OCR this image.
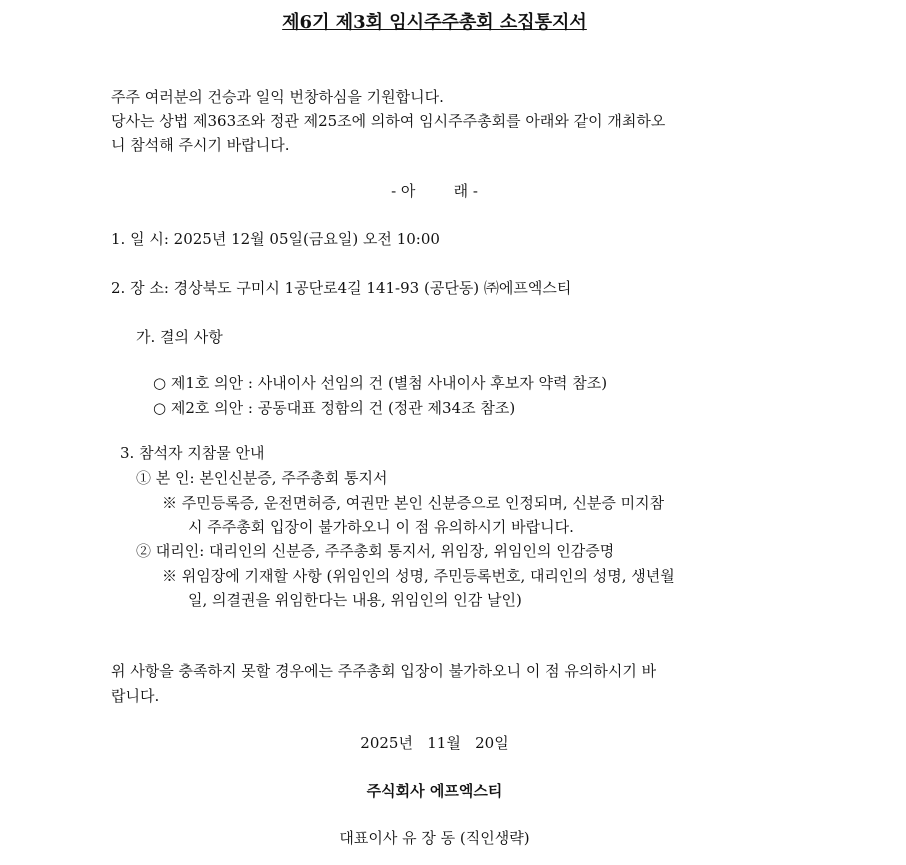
제6기 제3회 임시주주총회 소집통지서
주주 여러분의 건승과 일익 번창하심을 기원합니다.
당사는 상법 제363조와 정관 제25조에 의하여 임시주주총회를 아래와 같이 개최하오
니 참석해 주시기 바랍니다.
- 아        래 -
1. 일 시: 2025년 12월 05일(금요일) 오전 10:00
2. 장 소: 경상북도 구미시 1공단로4길 141-93 (공단동) ㈜에프엑스티
가. 결의 사항
○ 제1호 의안 : 사내이사 선임의 건 (별첨 사내이사 후보자 약력 참조)
○ 제2호 의안 : 공동대표 정함의 건 (정관 제34조 참조)
3. 참석자 지참물 안내
① 본 인: 본인신분증, 주주총회 통지서
※ 주민등록증, 운전면허증, 여권만 본인 신분증으로 인정되며, 신분증 미지참
시 주주총회 입장이 불가하오니 이 점 유의하시기 바랍니다.
② 대리인: 대리인의 신분증, 주주총회 통지서, 위임장, 위임인의 인감증명
※ 위임장에 기재할 사항 (위임인의 성명, 주민등록번호, 대리인의 성명, 생년월
일, 의결권을 위임한다는 내용, 위임인의 인감 날인)
위 사항을 충족하지 못할 경우에는 주주총회 입장이 불가하오니 이 점 유의하시기 바
랍니다.
2025년   11월   20일
주식회사 에프엑스티
대표이사 유 장 동 (직인생략)
